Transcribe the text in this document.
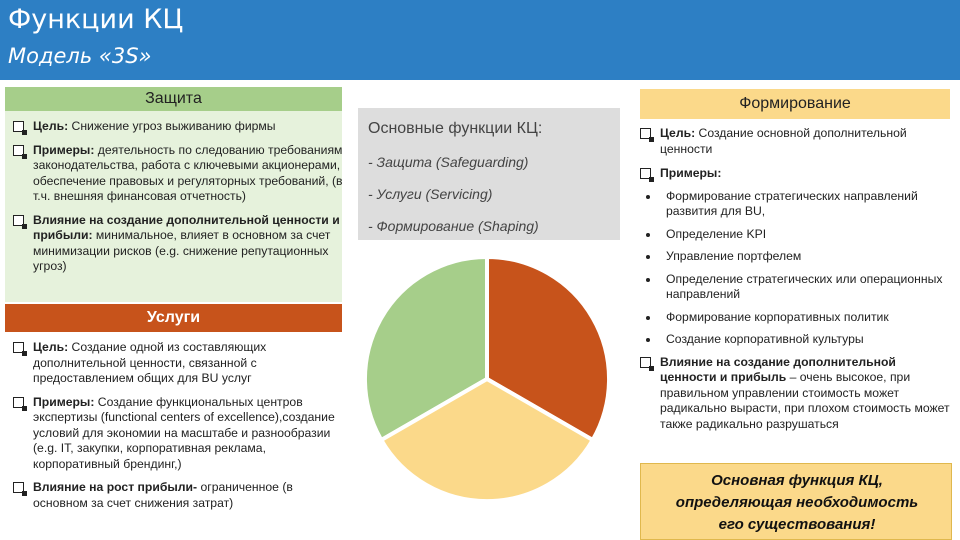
Функции КЦ
Модель «3S»
Защита
Цель: Снижение угроз выживанию фирмы
Примеры: деятельность по следованию требованиям законодательства, работа с ключевыми акционерами, обеспечение правовых и регуляторных требований, (в т.ч. внешняя финансовая отчетность)
Влияние на создание дополнительной ценности и прибыли: минимальное, влияет в основном за счет минимизации рисков (e.g. снижение репутационных угроз)
Услуги
Цель: Создание одной из составляющих дополнительной ценности, связанной с предоставлением общих для BU услуг
Примеры: Создание функциональных центров экспертизы (functional centers of excellence),создание условий для экономии на масштабе и разнообразии (e.g. IT, закупки, корпоративная реклама, корпоративный брендинг,)
Влияние на рост прибыли- ограниченное (в основном за счет снижения затрат)
Основные функции КЦ:
- Защита (Safeguarding)
- Услуги (Servicing)
- Формирование (Shaping)
Формирование
Цель: Создание основной дополнительной ценности
Примеры:
Формирование стратегических направлений развития для BU,
Определение KPI
Управление портфелем
Определение стратегических или операционных направлений
Формирование корпоративных политик
Создание корпоративной культуры
Влияние на создание дополнительной ценности и прибыль – очень высокое, при правильном управлении стоимость может радикально вырасти, при плохом стоимость может также радикально разрушаться
Основная функция КЦ,
определяющая необходимость
его существования!
